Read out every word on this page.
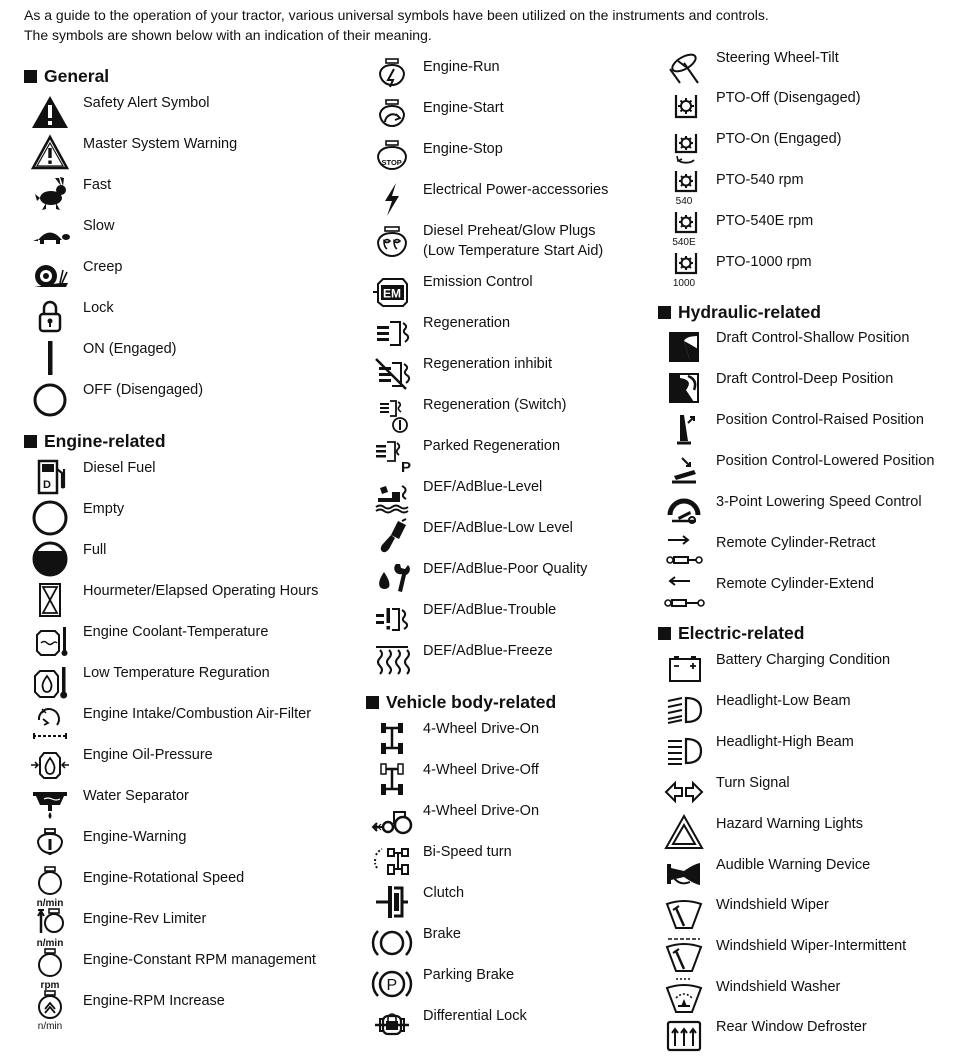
As a guide to the operation of your tractor, various universal symbols have been utilized on the instruments and controls.
The symbols are shown below with an indication of their meaning.
General
Safety Alert Symbol
Master System Warning
Fast
Slow
Creep
Lock
ON (Engaged)
OFF (Disengaged)
Engine-related
D
Diesel Fuel
Empty
Full
Hourmeter/Elapsed Operating Hours
Engine Coolant-Temperature
Low Temperature Reguration
Engine Intake/Combustion Air-Filter
Engine Oil-Pressure
Water Separator
Engine-Warning
n/min
Engine-Rotational Speed
n/min
Engine-Rev Limiter
rpm
Engine-Constant RPM management
n/min
Engine-RPM Increase
Engine-Run
Engine-Start
STOP
Engine-Stop
Electrical Power-accessories
Diesel Preheat/Glow Plugs
(Low Temperature Start Aid)
EM
Emission Control
Regeneration
Regeneration inhibit
Regeneration (Switch)
P
Parked Regeneration
DEF/AdBlue-Level
DEF/AdBlue-Low Level
DEF/AdBlue-Poor Quality
DEF/AdBlue-Trouble
DEF/AdBlue-Freeze
Vehicle body-related
4-Wheel Drive-On
4-Wheel Drive-Off
4-Wheel Drive-On
Bi-Speed turn
Clutch
Brake
P
Parking Brake
Differential Lock
Steering Wheel-Tilt
PTO-Off (Disengaged)
PTO-On (Engaged)
540
PTO-540 rpm
540E
PTO-540E rpm
1000
PTO-1000 rpm
Hydraulic-related
Draft Control-Shallow Position
Draft Control-Deep Position
Position Control-Raised Position
Position Control-Lowered Position
3-Point Lowering Speed Control
Remote Cylinder-Retract
Remote Cylinder-Extend
Electric-related
Battery Charging Condition
Headlight-Low Beam
Headlight-High Beam
Turn Signal
Hazard Warning Lights
Audible Warning Device
Windshield Wiper
Windshield Wiper-Intermittent
Windshield Washer
Rear Window Defroster
